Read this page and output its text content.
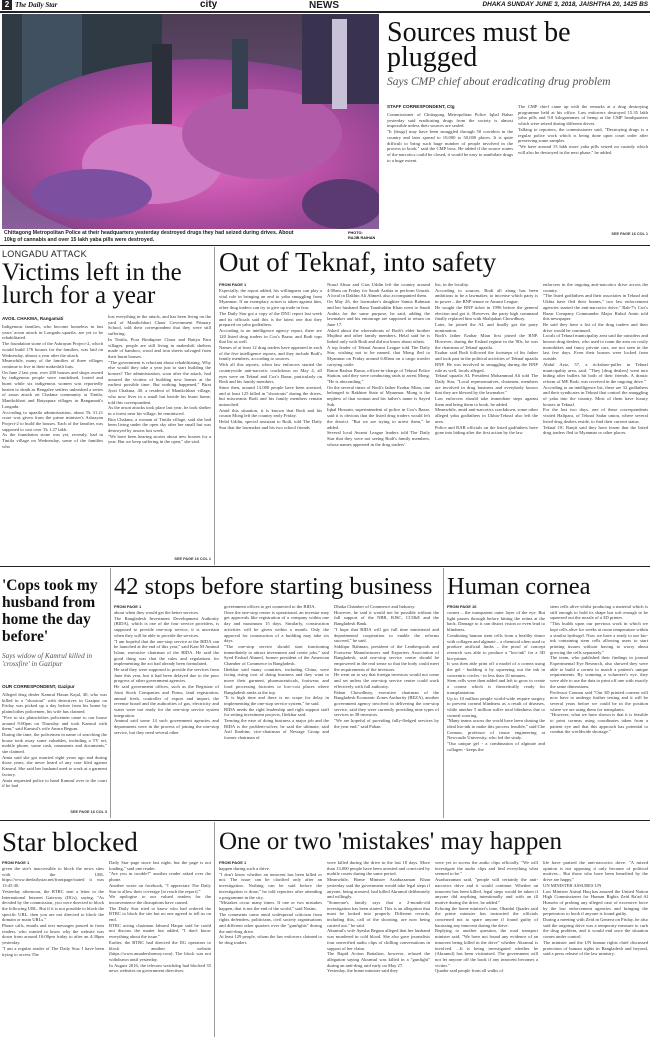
2 The Daily Star	city	NEWS	DHAKA SUNDAY JUNE 3, 2018, JAISHTHA 20, 1425 BS
Chittagong Metropolitan Police at their headquarters yesterday destroyed drugs they had seized during drives. About 10kg of cannabis and over 15 lakh yaba pills were destroyed.
PHOTO:
RAJIB RAIHAN
Sources must be plugged
Says CMP chief about eradicating drug problem
STAFF CORRESPONDENT, Ctg
Commissioner of Chittagong Metropolitan Police Iqbal Bahar yesterday said eradicating drugs from the society is almost impossible unless their sources are sealed.
"It [drugs] may have been smuggled through 50 corridors in the country and later spread to 10,000 to 50,000 places. It is quite difficult to bring such huge number of people involved in the process to book," said the CMP boss. He added if the source routes of the narcotics could be closed, it would be easy to annihilate drugs to a huge extent.
The CMP chief came up with the remarks at a drug destroying programme held at his office. Law enforcers destroyed 15.35 lakh yaba pills and 9.8 kilogrammes of hemp at the CMP headquarters which were seized during different drives.
Talking to reporters, the commissioner said, "Destroying drugs is a regular police work which is being done upon court order after preserving some samples.
"We have around 15 lakh more yaba pills seized on custody which will also be destroyed in the next phase," he added.
SEE PAGE 16 COL 1
LONGADU ATTACK
Victims left in the lurch for a year
AVOIL CHAKMA, Rangamati
Indigenous families, who become homeless in last years' arson attack in Longadu upazila, are yet to be rehabilitated.
The foundation stone of the Ashrayan Project-2, which would build 176 houses for the families, was laid on Wednesday, almost a year after the attack.
Meanwhile, many of the families of three villages continue to live in their makeshift huts.
On June 2 last year, over 200 houses and shops owned by indigenous people were vandalised, looted and burnt while six indigenous women was reportedly beaten to death as Bengalee settlers unleashed a series of arson attack on Chakma community at Tintila, Manikchhari and Batyapara villages in Rangamati's Longadu.
According to upazila administration, about Tk 31.21 crore was given from the prime minister's Ashrayan Project-2 to build the houses. Each of the families was supposed to cost over Tk 1.27 lakh.
As the foundation stone was yet, recently, had in Tintila village on Wednesday, some of the families who
lost everything in the attack, and has been living on the yard of Manikchhari Chaor Government Primary School, told their correspondent that they were still suffering.
In Tintila, Pora Bindupore Chaor and Battya Para villages, people are still living in makeshift shelters made of bamboo, wood and iron sheets salvaged from their burnt houses.
"The government is reluctant about rehabilitating. Why else would they take a year just to start building the houses? The administration, soon after the attack, had assured the victims of building new homes at the earliest possible time. But nothing happened," Birat Jyoti Chakma, 40, a resident of Manikchhari village, who now lives in a small hut beside his burnt home, told this correspondent.
As the arson attacks took place last year, he took shelter in a forest near his village, he reminisced.
Rita Chakma, a woman of Tintila village, said she had been living under the open sky after her small hut was destroyed by arsons last week.
"We have been hearing stories about new houses for a year. But we keep suffering in the open," she said.
SEE PAGE 16 COL 1
Out of Teknaf, into safety
FROM PAGE 1
Especially, the report added, his willingness can play a vital role in bringing an end to yaba smuggling from Myanmar. If an exemplary action is taken against him, other drug traders can try to give up trade in fear.
The Daily Star got a copy of the DNC report last week and its officials said this is the latest one that they prepared on yaba godfathers.
According to an intelligence agency report, there are 120 listed drug traders in Cox's Bazar, and Bodi tops that list as well.
Names of at least 12 drug traders have appeared in each of the five intelligence reports, and they include Bodi's family members, according to sources.
With all this reports, when law enforcers started the countrywide anti-narcotic crackdown on May 4, all eyes were on Teknaf and Cox's Bazar, particularly on Bodi and his family members.
Since then, around 13,000 people have been arrested, and at least 125 killed in "shootouts" during the drives, but miscreants Bodi and his family members remain untouched.
Amid this situation, it is known that Bodi and his cousin Mong left the country early Friday.
Helal Uddin, special assistant to Bodi, told The Daily Star that the lawmaker and his two school friends
Nurul Absar and Gias Uddin left the country around 4:00am on Friday for Saudi Arabia to perform Umrah. A local in Dakhin Ali Ahmed, also accompanied them.
On May 26, the lawmaker's daughter Samia Rahman and her husband Rana Tanuhiddin Khan went to Saudi Arabia for the same purpose, he said, adding the lawmaker and his entourage are supposed to return on June 17.
Asked about the whereabouts of Bodi's elder brother Mujibur and other family members, Helal said he is linked only with Bodi and did not know about others.
A top leader of Teknaf Awami League told The Daily Star, wishing not to be named, that Mong fled to Myanmar on Friday around 6:00am on a cargo trawler carrying cattle.
Raton Rashur Barua, officer-in-charge of Teknaf Police Station, said they were conducting raids to arrest Mong. "He is absconding."
On the several times of Bodi's father Ezahar Mian, one belonged to Rakhine State of Myanmar. Mong is the nephew of that woman and his father's name is Sayed Sub.
Iqbal Hossain, superintendent of police in Cox's Bazar, said it is obvious that the listed drug traders would left the district. "But we are trying to arrest them," he added.
Several local Awami League leaders told The Daily Star that they were not seeing Bodi's family members, whose names appeared in the drug traders'
list, in the locality.
According to sources, Bodi all along has been ambitious to be a lawmaker, to increase which party is in power – the BNP tenure or Awami League.
He sought the BNP ticket in 1996 before the general election and got it. However, the party high command finally replaced him with Shahjahan Chowdhury.
Later, he joined the AL and finally got the party nomination.
Bodi's father Ezahar Mian first joined the BNP. However, during the Ershad regime in the '80s, he was the chairman of Teknaf upazila.
Ezahar said Bodi followed the footsteps of his father and took part in the political activities of Teknaf upazila BNP. He was involved in smuggling during the BNP rule as well, locals alleged.
Teknaf upazila AL President Mohammad Ali told The Daily Star, "Local representatives, chairmen, members are involved in drug business and everybody knows that they are blessed by the lawmaker."
Law enforcers should take immediate steps against them and bring them to book, he added.
Meanwhile, amid anti-narcotics crackdown, some other alleged yaba godfathers in Ukhia-Teknaf also left the area.
Police and RAB officials on the listed godfathers have gone into hiding after the first action by the law
enforcers in the ongoing anti-narcotics drive across the country.
"The listed godfathers and their associates in Teknaf and Ukhia have fled their homes," two law enforcement agencies started the anti-narcotics drive," Rab-7's Cox's Bazar Company Commander Major Ruhul Amin told this newspaper.
Be said they have a list of the drug traders and their drive would be continued.
Locals of Teknaf municipality area said the outsiders and known drug dealers, who used to roam the area on costly motorbikes and fancy private cars, are not seen in the last few days. Even their houses were locked from outside.
Abdul Aziz, 57, a rickshaw-puller in Teknaf municipality area, said, "They [drug dealers] went into hiding after bullets hit both of their friends. A drastic reform of ME Bodi, was received in the ongoing drive."
According to an intelligence list, there are 32 godfathers and their syndicates in Teknaf that control the smuggling of yaba into the country. Most of them have luxury houses in Teknaf.
For the last two days, one of these correspondents visited Halipara, of Teknaf Sadar union, where several listed drug dealers reside, to find their current status.
Teknaf OC Ranjit said they have learnt that the listed drug traders fled to Myanmar or other places.
'Cops took my husband from home the day before'
Says widow of Kamrul killed in 'crossfire' in Gazipur
OUR CORRESPONDENT, Gazipur
Alleged drug dealer Kamrul Hasan Kajal, 40, who was killed in a "shootout" with detectives in Gazipur on Friday was picked up a day before from his home by plainclothes policemen, his wife has claimed.
"Five to six plainclothes policemen came to our house around 9:00pm on Thursday and took Kamrul with them," said Kamrul's wife Amrra Begum.
During the time, the policemen in name of searching the house took away some valuables, including a TV set, mobile phone, some cash, ornaments and documents," she claimed.
Amia said she got married eight years ago and during those years, she never heard of any case filed against Kamrul. She said her husband used to work at a garment factory.
Amia requested police to hand Kamrul over to the court if he had
SEE PAGE 16 COL 3
42 stops before starting business
FROM PAGE 1
about when they would get the better services.
The Bangladesh Investment Development Authority (BIDA), which is one of the four service providers, is supposed to provide one-stop service, it is uncertain when they will be able to provide the services.
"I am hopeful that the one-stop service at the BIDA can be launched at the end of this year," said Kazi M Aminul Islam, executive chairman of the BIDA. He said the good thing was that the rules and regulations for implementing the act had already been formulated.
He said they were supposed to provide the services from June this year, but it had been delayed due to the poor progress of other government agencies.
He said government offices, such as the Registrar of Joint Stock Companies and Firms, land registration, annual fresh, controller of export and import, the revenue board and the authorities of gas, electricity and water were not ready for the one-stop service system integration.
Aminul said some 14 such government agencies and departments were in the process of joining the one-stop service, but they need several other
government offices to get connected to the BIDA.
Once the one-stop centre is operational, an investor may get approvals like registration of a company within one day and maximum 15 days. Similarly, construction activities will be given within a month. Only the approval for construction of a building may take six days.
"The one-stop service should start functioning immediately to attract investment and create jobs," said Syed Ershad Ahmed, former president of the American Chamber of Commerce in Bangladesh.
Iftekhar said many countries, including China, were facing rising cost of doing business and they want to move their garment, pharmaceuticals, footwear, and food processing factories to low-cost places where Bangladesh ranks at the top.
"It is high time and there is no scope for delay in implementing the one-stop service system," he said.
BIDA needs the right leadership and right support staff for setting investment projects, Iftekhar said.
Terming the ease of doing business a major job and the BIDA is the problem-solver, he said the ultimate, said Asif Ibrahim, vice-chairman of Newage Group and former chairman of
Dhaka Chamber of Commerce and Industry.
However, he said it would not be possible without the full support of the NBR, RJSC, CCI&E and the Bangladesh Bank.
"I hope that BIDA will get full time ministerial and departmental cooperation to enable the reforms succeed," he said.
Siddiqur Rahman, president of the Leathergoods and Footwear Manufacturers and Exporters Association of Bangladesh, said one-stop service centre should be empowered in the real sense so that the body could meet the requirements of the investors.
He went on to say that foreign investors would not come and set unless the one-stop service centre could work effectively with full authority.
Paban Chowdhury, executive chairman of the Bangladesh Economic Zones Authority (BEZA), another government agency involved in delivering the one-stop service, said they were currently providing nine types of services in 38 investors.
"We are hopeful of providing fully-fledged services by the year end," said Paban.
Human cornea
FROM PAGE 16
cornea – the transparent outer layer of the eye. But light passes through before hitting the retina at the back. Damage to it can distort vision or even lead to blindness.
Combining human stem cells from a healthy donor with collagen and alginate – a chemical often used to produce artificial limbs – the proof of concept research was able to produce a "bio-ink" for a 3D bio-printer.
It was then able print off a model of a cornea using the gel - building it by squeezing out the ink in concentric circles - in less than 10 minutes.
Stem cells were then added and left to grow to create a cornea which is theoretically ready for transplantation.
Up to 10 million people world-wide require surgery to prevent corneal blindness as a result of diseases, while another 5 million suffer total blindness due to corneal scarring.
"Many teams across the world have been chasing the ideal bio-ink to make this process feasible," said Che Connon, professor of tissue engineering at Newcastle University, who led the study.
"Our unique gel - a combination of alginate and collagen - keeps the
stem cells alive whilst producing a material which is stiff enough to hold its shape but soft enough to be squeezed out the nozzle of a 3D printer.
"This builds upon our previous work in which we kept cells alive for weeks at room temperature within a similar hydrogel. Now we have a ready to use bio-ink containing stem cells allowing users to start printing tissues without having to worry about growing the cells separately."
The team, who published their findings in journal Experimental Eye Research, also showed they were able to build a cornea to match a patient's unique requirements. By scanning a volunteer's eye, they were able to use the data to print off one with exactly the same dimensions.
Professor Connon said "Our 3D printed corneas will now have to undergo further testing and it will be several years before we could be in the position where we are using them for transplants.
"However, what we have shown is that it is feasible to print corneas using coordinates taken from a patient eye and that this approach has potential to combat the worldwide shortage."
Star blocked
FROM PAGE 1
given the site's inaccessible to block the news sites with the URL https://www.thedailystar.net/frontpage/stated it was 13:45:30.
Yesterday afternoon, the BTRC sent a letter to the International Internet Gateway (IIGs), saying, "As decided by the commission, you were directed to block the following URL. But if it is not possible to block the specific URL, then you are not directed to block the domain or main URLs."
Phone calls, emails and text messages poured in from readers, who wanted to know why the website was down from around 10:00pm friday to after an 4:30pm yesterday.
"I am a regular reader of The Daily Star. I have been trying to access The
Daily Star page since last night, but the page is not loading," said one reader.
"Are you in trouble?" another reader asked over the phone.
Another wrote on facebook, "I appreciate The Daily Star to allow their coverage [to reach the report]."
We apologise to our valued readers for the inconvenience the disruptions have caused.
The Daily Star tried to know who had ordered the BTRC to block the site but no one agreed to tell us on end.
BTRC acting chairman Jahurul Haque said he could not discuss the matter but added, "I don't know everything about the issue."
Earlier, the BTRC had directed the IIG operators to block another website (https://www.amadershomoy.com). The block was not withdrawn until yesterday.
In August 2016, the telecom watchdog had blocked 35 news websites on government directives.
One or two 'mistakes' may happen
FROM PAGE 1
happen during such a drive.
"I don't know whether an innocent has been killed or not. The issue can be clarified only after an investigation. Nothing can be said before the investigation is done," he told reporters after attending a programme in the city.
"Mistakes occur many times. If one or two mistakes happen, that is not the end of the world," said Nasim.
The comments came amid widespread criticism from rights defenders, politicians, civil society organisations and different other quarters over the "gunfights" during the anti-drug drive.
At least 129 people, whom the law enforcers claimed to be drug traders
were killed during the drive in the last 18 days. More than 13,000 people have been arrested and convicted by mobile courts during the same period.
Meanwhile, Home Minister Asaduzzaman Khan yesterday said the government would take legal steps if anyone, being arrested, had killed Akramul deliberately and willingly.
"Someone's family says that a 2-month-old investigation has been started. This is an allegation that must be looked into properly. Different records, including this, call of the shooting, are now being carried out," he said.
Akramul's wife Ayesha Begum alleged that her husband was murdered in cold blood. She also gave journalists four unverified audio clips of chilling conversations in support of her claim.
The Rapid Action Battalion, however, refused the allegation saying Akramul was killed in a "gunfight" during an anti-drug raid early on May 27.
Yesterday, the home minister said they
were yet to access the audio clips officially. "We will investigate the audio clips and find everything what seemed to be."
Asaduzzaman said, "people will certainly the anti-narcotics drive and it would continue. Whether an innocent has been killed, legal steps would be taken if anyone did anything intentionally and with an ill motive during the drive, he added."
Echoing the home minister's tone, Obaidul Quader said the prime minister has instructed the officials concerned not to spare anyone if found guilty of harassing any innocent during the drive.
Replying to another question, the road transport minister said, "We have not found any evidence of an innocent being killed in the drive" whether Akramul is involved. ...It is being investigated whether he (Akramul) has been victimised. The government will not let anyone off the hook if any innocent becomes a victim."
Quader said people from all walks of
life have praised the anti-narcotics drive. "A mixed opinion is not opposing it only because of political motives... But those who have been benefited by the drive are happy."
UN MINISTER ASSURES UN
Law Minister Anisul Huq has assured the United Nation High Commissioner for Human Rights Zeid Ra'ad Al Hussein of probing any alleged case of excessive force by the law enforcement agencies and bringing the perpetrators to book if anyone is found guilty.
During a meeting with Zeid in Geneva on Friday, he also said the ongoing drive was a temporary measure to curb the drug problem, and it would end once the situation comes under control.
The minister and the UN human rights chief discussed protection of human rights in Bangladesh and beyond, said a press release of the law ministry.
